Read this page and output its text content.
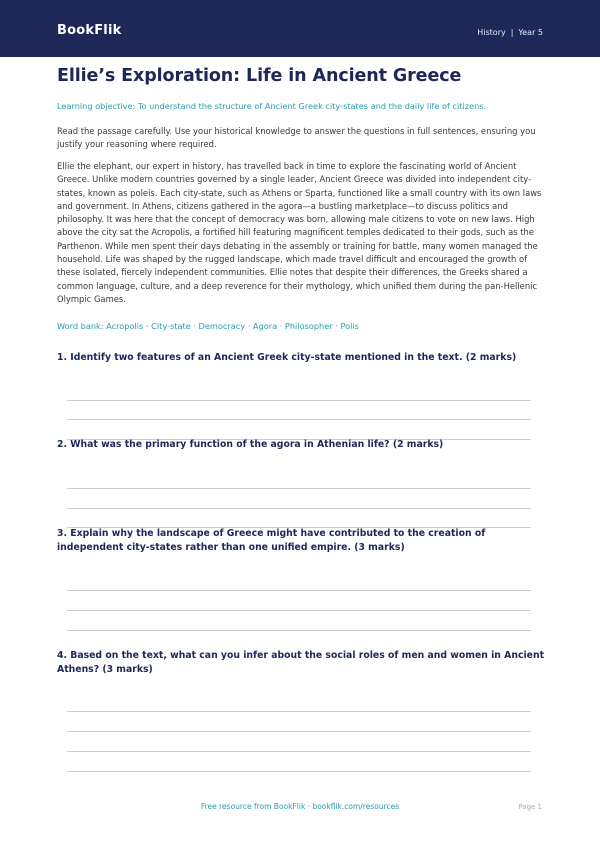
BookFlik	History | Year 5
Ellie’s Exploration: Life in Ancient Greece
Learning objective: To understand the structure of Ancient Greek city-states and the daily life of citizens.
Read the passage carefully. Use your historical knowledge to answer the questions in full sentences, ensuring you justify your reasoning where required.
Ellie the elephant, our expert in history, has travelled back in time to explore the fascinating world of Ancient Greece. Unlike modern countries governed by a single leader, Ancient Greece was divided into independent city-states, known as poleis. Each city-state, such as Athens or Sparta, functioned like a small country with its own laws and government. In Athens, citizens gathered in the agora—a bustling marketplace—to discuss politics and philosophy. It was here that the concept of democracy was born, allowing male citizens to vote on new laws. High above the city sat the Acropolis, a fortified hill featuring magnificent temples dedicated to their gods, such as the Parthenon. While men spent their days debating in the assembly or training for battle, many women managed the household. Life was shaped by the rugged landscape, which made travel difficult and encouraged the growth of these isolated, fiercely independent communities. Ellie notes that despite their differences, the Greeks shared a common language, culture, and a deep reverence for their mythology, which unified them during the pan-Hellenic Olympic Games.
Word bank: Acropolis · City-state · Democracy · Agora · Philosopher · Polis
1. Identify two features of an Ancient Greek city-state mentioned in the text. (2 marks)
2. What was the primary function of the agora in Athenian life? (2 marks)
3. Explain why the landscape of Greece might have contributed to the creation of independent city-states rather than one unified empire. (3 marks)
4. Based on the text, what can you infer about the social roles of men and women in Ancient Athens? (3 marks)
Free resource from BookFlik · bookflik.com/resources	Page 1
